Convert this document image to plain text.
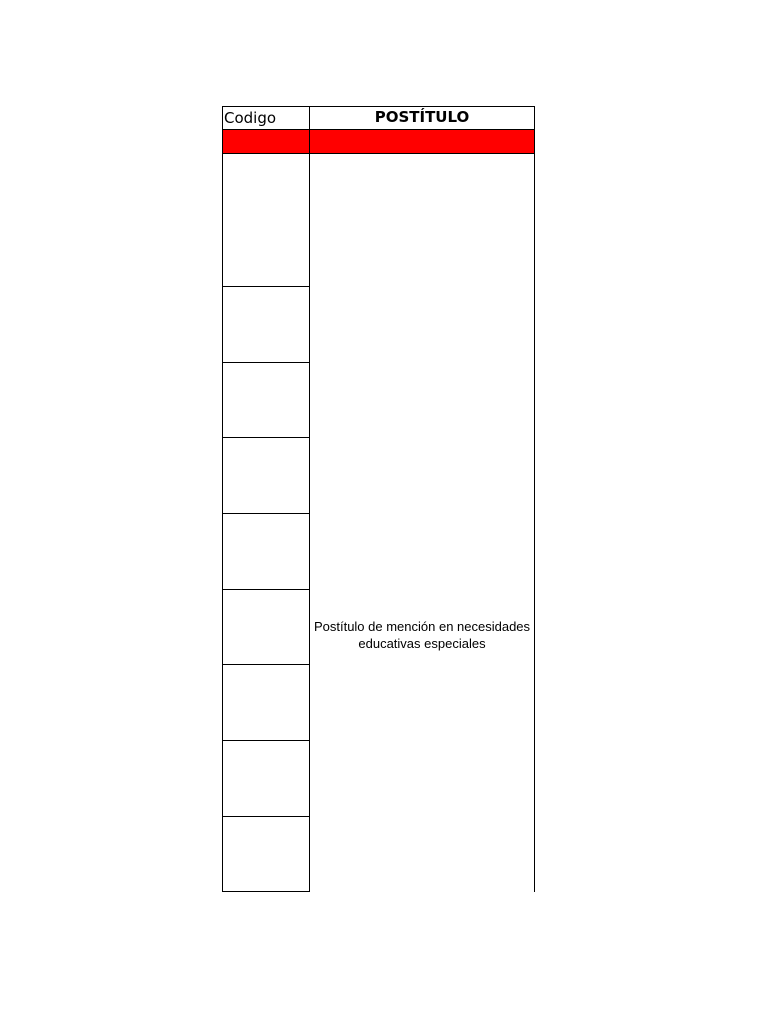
Codigo	POSTÍTULO
Postítulo de mención en necesidades educativas especiales
